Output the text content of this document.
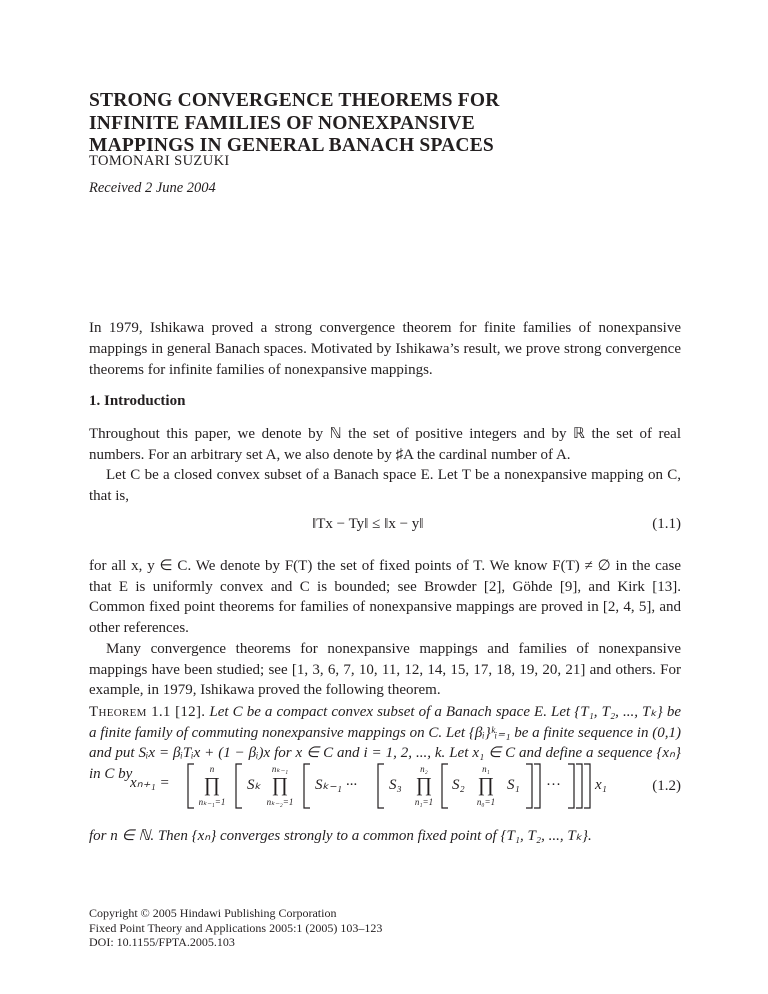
STRONG CONVERGENCE THEOREMS FOR
INFINITE FAMILIES OF NONEXPANSIVE
MAPPINGS IN GENERAL BANACH SPACES
TOMONARI SUZUKI
Received 2 June 2004
In 1979, Ishikawa proved a strong convergence theorem for finite families of nonexpansive mappings in general Banach spaces. Motivated by Ishikawa’s result, we prove strong convergence theorems for infinite families of nonexpansive mappings.
1. Introduction
Throughout this paper, we denote by ℕ the set of positive integers and by ℝ the set of real numbers. For an arbitrary set A, we also denote by ♯A the cardinal number of A.
Let C be a closed convex subset of a Banach space E. Let T be a nonexpansive mapping on C, that is,
‖Tx − Ty‖ ≤ ‖x − y‖	(1.1)
for all x, y ∈ C. We denote by F(T) the set of fixed points of T. We know F(T) ≠ ∅ in the case that E is uniformly convex and C is bounded; see Browder [2], Göhde [9], and Kirk [13]. Common fixed point theorems for families of nonexpansive mappings are proved in [2, 4, 5], and other references.
Many convergence theorems for nonexpansive mappings and families of nonexpansive mappings have been studied; see [1, 3, 6, 7, 10, 11, 12, 14, 15, 17, 18, 19, 20, 21] and others. For example, in 1979, Ishikawa proved the following theorem.
Theorem 1.1 [12]. Let C be a compact convex subset of a Banach space E. Let {T₁, T₂, ..., Tₖ} be a finite family of commuting nonexpansive mappings on C. Let {βᵢ}ᵏᵢ₌₁ be a finite sequence in (0,1) and put Sᵢx = βᵢTᵢx + (1 − βᵢ)x for x ∈ C and i = 1, 2, ..., k. Let x₁ ∈ C and define a sequence {xₙ} in C by
xₙ₊₁ =
n
∏
nₖ₋₁=1
Sₖ
nₖ₋₁
∏
nₖ₋₂=1
Sₖ₋₁ ··· S₃
n₂
∏
n₁=1
S₂
n₁
∏
n₀=1
S₁ ··· x₁	(1.2)
for n ∈ ℕ. Then {xₙ} converges strongly to a common fixed point of {T₁, T₂, ..., Tₖ}.
Copyright © 2005 Hindawi Publishing Corporation
Fixed Point Theory and Applications 2005:1 (2005) 103–123
DOI: 10.1155/FPTA.2005.103
